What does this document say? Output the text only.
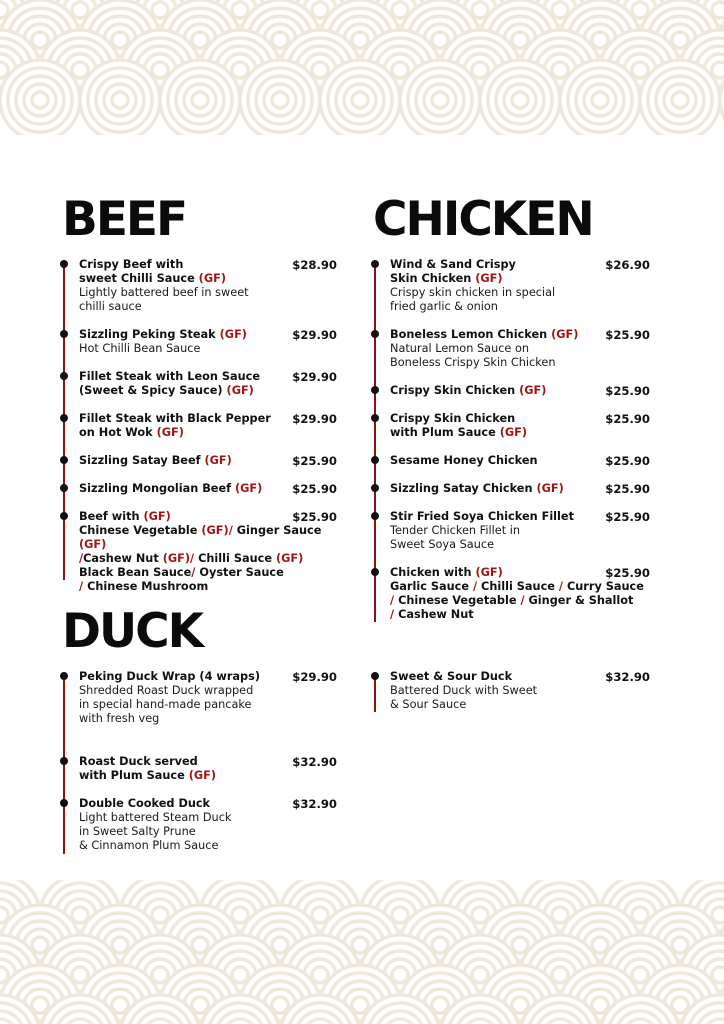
BEEF
Crispy Beef with
sweet Chilli Sauce (GF)
Lightly battered beef in sweet
chilli sauce
$28.90
Sizzling Peking Steak (GF)
Hot Chilli Bean Sauce
$29.90
Fillet Steak with Leon Sauce
(Sweet & Spicy Sauce) (GF)
$29.90
Fillet Steak with Black Pepper
on Hot Wok (GF)
$29.90
Sizzling Satay Beef (GF)	$25.90
Sizzling Mongolian Beef (GF)	$25.90
Beef with (GF)
Chinese Vegetable (GF)/ Ginger Sauce (GF)
/Cashew Nut (GF)/ Chilli Sauce (GF)
Black Bean Sauce/ Oyster Sauce
/ Chinese Mushroom
$25.90
CHICKEN
Wind & Sand Crispy
Skin Chicken (GF)
Crispy skin chicken in special
fried garlic & onion
$26.90
Boneless Lemon Chicken (GF)
Natural Lemon Sauce on
Boneless Crispy Skin Chicken
$25.90
Crispy Skin Chicken (GF)	$25.90
Crispy Skin Chicken
with Plum Sauce (GF)
$25.90
Sesame Honey Chicken	$25.90
Sizzling Satay Chicken (GF)	$25.90
Stir Fried Soya Chicken Fillet
Tender Chicken Fillet in
Sweet Soya Sauce
$25.90
Chicken with (GF)
Garlic Sauce / Chilli Sauce / Curry Sauce
/ Chinese Vegetable / Ginger & Shallot
/ Cashew Nut
$25.90
DUCK
Peking Duck Wrap (4 wraps)
Shredded Roast Duck wrapped
in special hand-made pancake
with fresh veg
$29.90
Roast Duck served
with Plum Sauce (GF)
$32.90
Double Cooked Duck
Light battered Steam Duck
in Sweet Salty Prune
& Cinnamon Plum Sauce
$32.90
Sweet & Sour Duck
Battered Duck with Sweet
& Sour Sauce
$32.90
